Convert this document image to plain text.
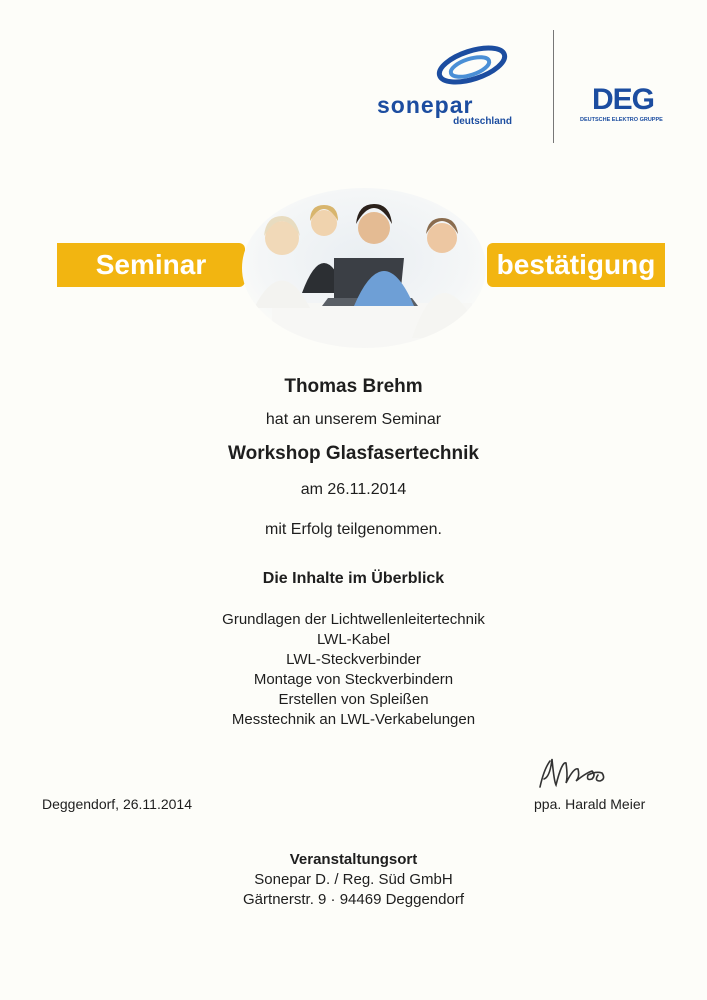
sonepar
deutschland
DEG
DEUTSCHE ELEKTRO GRUPPE
Seminar	bestätigung
Thomas Brehm
hat an unserem Seminar
Workshop Glasfasertechnik
am 26.11.2014
mit Erfolg teilgenommen.
Die Inhalte im Überblick
Grundlagen der Lichtwellenleitertechnik
LWL-Kabel
LWL-Steckverbinder
Montage von Steckverbindern
Erstellen von Spleißen
Messtechnik an LWL-Verkabelungen
Deggendorf, 26.11.2014	ppa. Harald Meier
Veranstaltungsort
Sonepar D. / Reg. Süd GmbH
Gärtnerstr. 9 · 94469 Deggendorf
